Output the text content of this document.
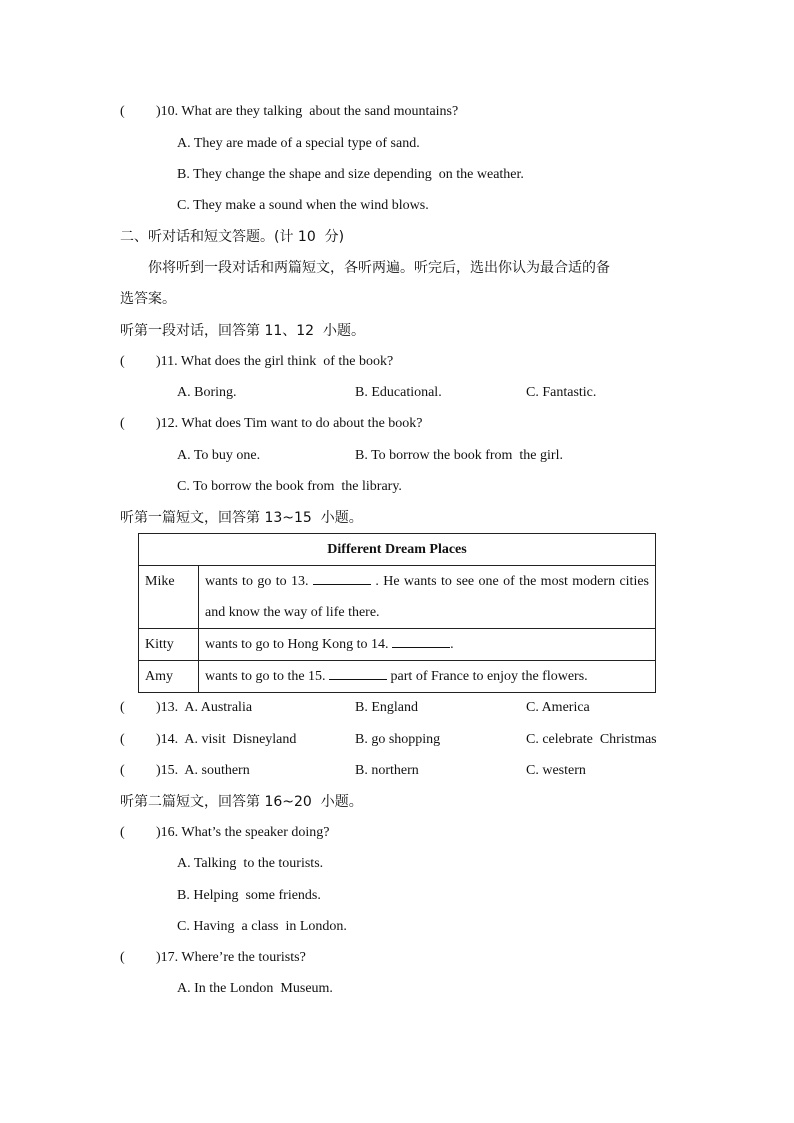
( )10. What are they talking  about the sand mountains?
A. They are made of a special type of sand.
B. They change the shape and size depending  on the weather.
C. They make a sound when the wind blows.
二、听对话和短文答题。(计 10  分)
你将听到一段对话和两篇短文，各听两遍。听完后，选出你认为最合适的备
选答案。
听第一段对话，回答第 11、12  小题。
( )11. What does the girl think  of the book?
A. Boring.	B. Educational.	C. Fantastic.
( )12. What does Tim want to do about the book?
A. To buy one.	B. To borrow the book from  the girl.
C. To borrow the book from  the library.
听第一篇短文，回答第 13~15  小题。
Different Dream Places	
Mike	wants to go to 13. . He wants to see one of the most modern cities and know the way of life there.
Kitty	wants to go to Hong Kong to 14. .
Amy	wants to go to the 15. part of France to enjoy the flowers.
( )13.  A. Australia	B. England	C. America
( )14.  A. visit  Disneyland	B. go shopping	C. celebrate  Christmas
( )15.  A. southern	B. northern	C. western
听第二篇短文，回答第 16~20  小题。
( )16. What’s the speaker doing?
A. Talking  to the tourists.
B. Helping  some friends.
C. Having  a class  in London.
( )17. Where’re the tourists?
A. In the London  Museum.
